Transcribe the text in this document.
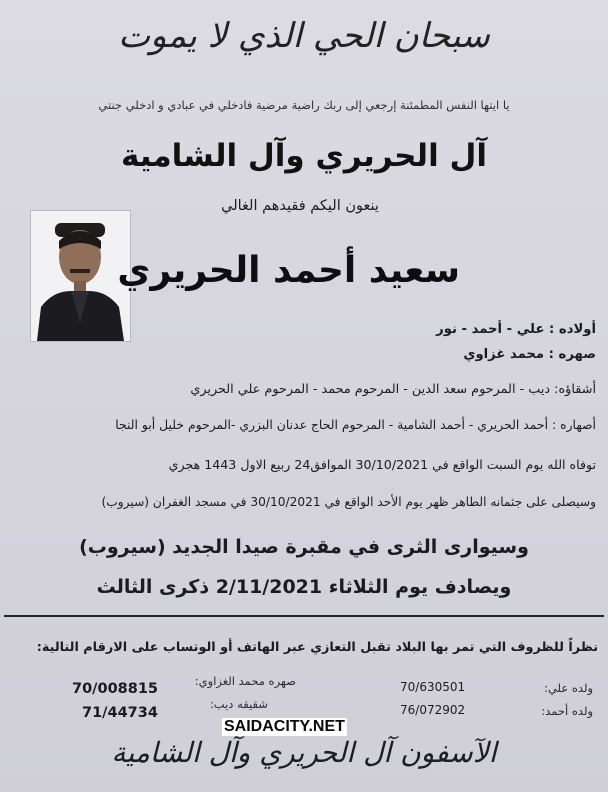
سبحان الحي الذي لا يموت
يا ايتها النفس المطمئنة إرجعي إلى ربك راضية مرضية فادخلي في عبادي و ادخلي جنتي
آل الحريري وآل الشامية
ينعون اليكم فقيدهم الغالي
سعيد أحمد الحريري
أولاده : علي - أحمد - نور
صهره : محمد غزاوي
أشقاؤه: ديب - المرحوم سعد الدين - المرحوم محمد - المرحوم علي الحريري
أصهاره : أحمد الحريري - أحمد الشامية - المرحوم الحاج عدنان البزري -المرحوم خليل أبو النجا
توفاه الله يوم السبت الواقع في 30/10/2021 الموافق24 ربيع الاول 1443 هجري
وسيصلى على جثمانه الطاهر ظهر يوم الأحد الواقع في 30/10/2021 في مسجد الغفران (سيروب)
وسيوارى الثرى في مقبرة صيدا الجديد (سيروب)
ويصادف يوم الثلاثاء 2/11/2021 ذكرى الثالث
نظراً للظروف التي تمر بها البلاد تقبل التعازي عبر الهاتف أو الوتساب على الارقام التالية:
ولده علي:
70/630501
ولده أحمد:
76/072902
صهره محمد الغزاوي:
70/008815
شقيقه ديب:
71/44734
SAIDACITY.NET
الآسفون آل الحريري وآل الشامية
